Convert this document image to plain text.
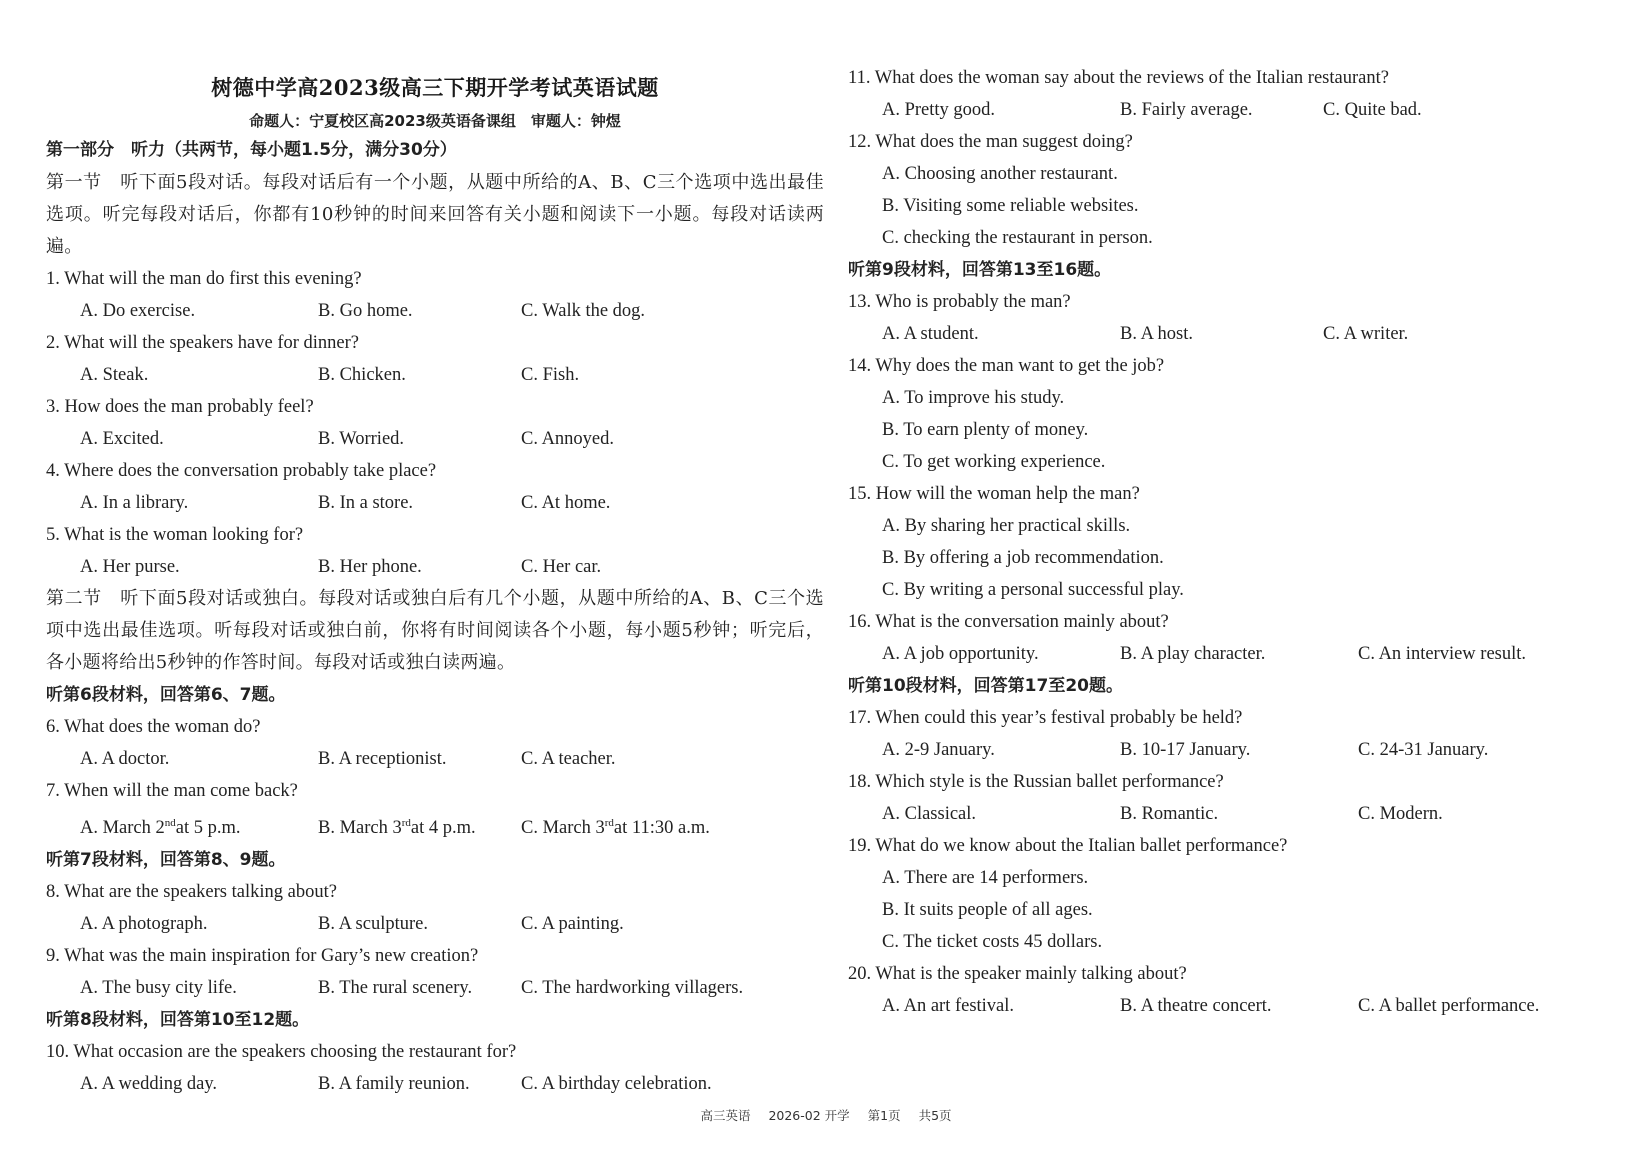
树德中学高2023级高三下期开学考试英语试题
命题人：宁夏校区高2023级英语备课组　审题人：钟煜
第一部分　听力（共两节，每小题1.5分，满分30分）

第一节　听下面5段对话。每段对话后有一个小题，从题中所给的A、B、C三个选项中选出最佳选项。听完每段对话后，你都有10秒钟的时间来回答有关小题和阅读下一小题。每段对话读两遍。

1. What will the man do first this evening?

A. Do exercise.	B. Go home.	C. Walk the dog.

2. What will the speakers have for dinner?

A. Steak.	B. Chicken.	C. Fish.

3. How does the man probably feel?

A. Excited.	B. Worried.	C. Annoyed.

4. Where does the conversation probably take place?

A. In a library.	B. In a store.	C. At home.

5. What is the woman looking for?

A. Her purse.	B. Her phone.	C. Her car.

第二节　听下面5段对话或独白。每段对话或独白后有几个小题，从题中所给的A、B、C三个选项中选出最佳选项。听每段对话或独白前，你将有时间阅读各个小题，每小题5秒钟；听完后，各小题将给出5秒钟的作答时间。每段对话或独白读两遍。

听第6段材料，回答第6、7题。

6. What does the woman do?

A. A doctor.	B. A receptionist.	C. A teacher.

7. When will the man come back?

A. March 2ndat 5 p.m.	B. March 3rdat 4 p.m.	C. March 3rdat 11:30 a.m.

听第7段材料，回答第8、9题。

8. What are the speakers talking about?

A. A photograph.	B. A sculpture.	C. A painting.

9. What was the main inspiration for Gary’s new creation?

A. The busy city life.	B. The rural scenery.	C. The hardworking villagers.

听第8段材料，回答第10至12题。

10. What occasion are the speakers choosing the restaurant for?

A. A wedding day.	B. A family reunion.	C. A birthday celebration.

11. What does the woman say about the reviews of the Italian restaurant?

A. Pretty good.	B. Fairly average.	C. Quite bad.

12. What does the man suggest doing?

A. Choosing another restaurant.
B. Visiting some reliable websites.
C. checking the restaurant in person.

听第9段材料，回答第13至16题。

13. Who is probably the man?

A. A student.	B. A host.	C. A writer.

14. Why does the man want to get the job?

A. To improve his study.
B. To earn plenty of money.
C. To get working experience.

15. How will the woman help the man?

A. By sharing her practical skills.
B. By offering a job recommendation.
C. By writing a personal successful play.

16. What is the conversation mainly about?

A. A job opportunity.	B. A play character.	C. An interview result.

听第10段材料，回答第17至20题。

17. When could this year’s festival probably be held?

A. 2-9 January.	B. 10-17 January.	C. 24-31 January.

18. Which style is the Russian ballet performance?

A. Classical.	B. Romantic.	C. Modern.

19. What do we know about the Italian ballet performance?

A. There are 14 performers.
B. It suits people of all ages.
C. The ticket costs 45 dollars.

20. What is the speaker mainly talking about?

A. An art festival.	B. A theatre concert.	C. A ballet performance.
高三英语 2026-02 开学 第1页 共5页
